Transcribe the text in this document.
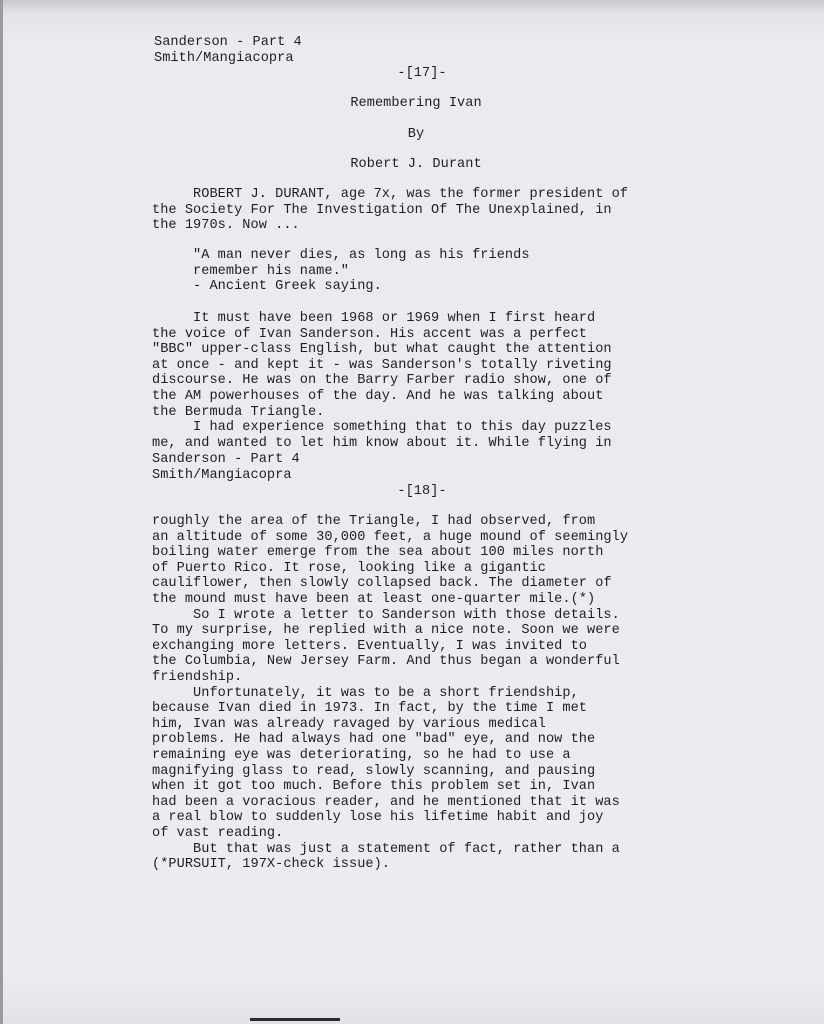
Sanderson - Part 4
Smith/Mangiacopra
-[17]-
Remembering Ivan
By
Robert J. Durant
ROBERT J. DURANT, age 7x, was the former president of
the Society For The Investigation Of The Unexplained, in
the 1970s. Now ...
"A man never dies, as long as his friends
remember his name."
- Ancient Greek saying.
It must have been 1968 or 1969 when I first heard
the voice of Ivan Sanderson. His accent was a perfect
"BBC" upper-class English, but what caught the attention
at once - and kept it - was Sanderson's totally riveting
discourse. He was on the Barry Farber radio show, one of
the AM powerhouses of the day. And he was talking about
the Bermuda Triangle.
I had experience something that to this day puzzles
me, and wanted to let him know about it. While flying in
Sanderson - Part 4
Smith/Mangiacopra
-[18]-
roughly the area of the Triangle, I had observed, from
an altitude of some 30,000 feet, a huge mound of seemingly
boiling water emerge from the sea about 100 miles north
of Puerto Rico. It rose, looking like a gigantic
cauliflower, then slowly collapsed back. The diameter of
the mound must have been at least one-quarter mile.(*)
So I wrote a letter to Sanderson with those details.
To my surprise, he replied with a nice note. Soon we were
exchanging more letters. Eventually, I was invited to
the Columbia, New Jersey Farm. And thus began a wonderful
friendship.
Unfortunately, it was to be a short friendship,
because Ivan died in 1973. In fact, by the time I met
him, Ivan was already ravaged by various medical
problems. He had always had one "bad" eye, and now the
remaining eye was deteriorating, so he had to use a
magnifying glass to read, slowly scanning, and pausing
when it got too much. Before this problem set in, Ivan
had been a voracious reader, and he mentioned that it was
a real blow to suddenly lose his lifetime habit and joy
of vast reading.
But that was just a statement of fact, rather than a
(*PURSUIT, 197X-check issue).
